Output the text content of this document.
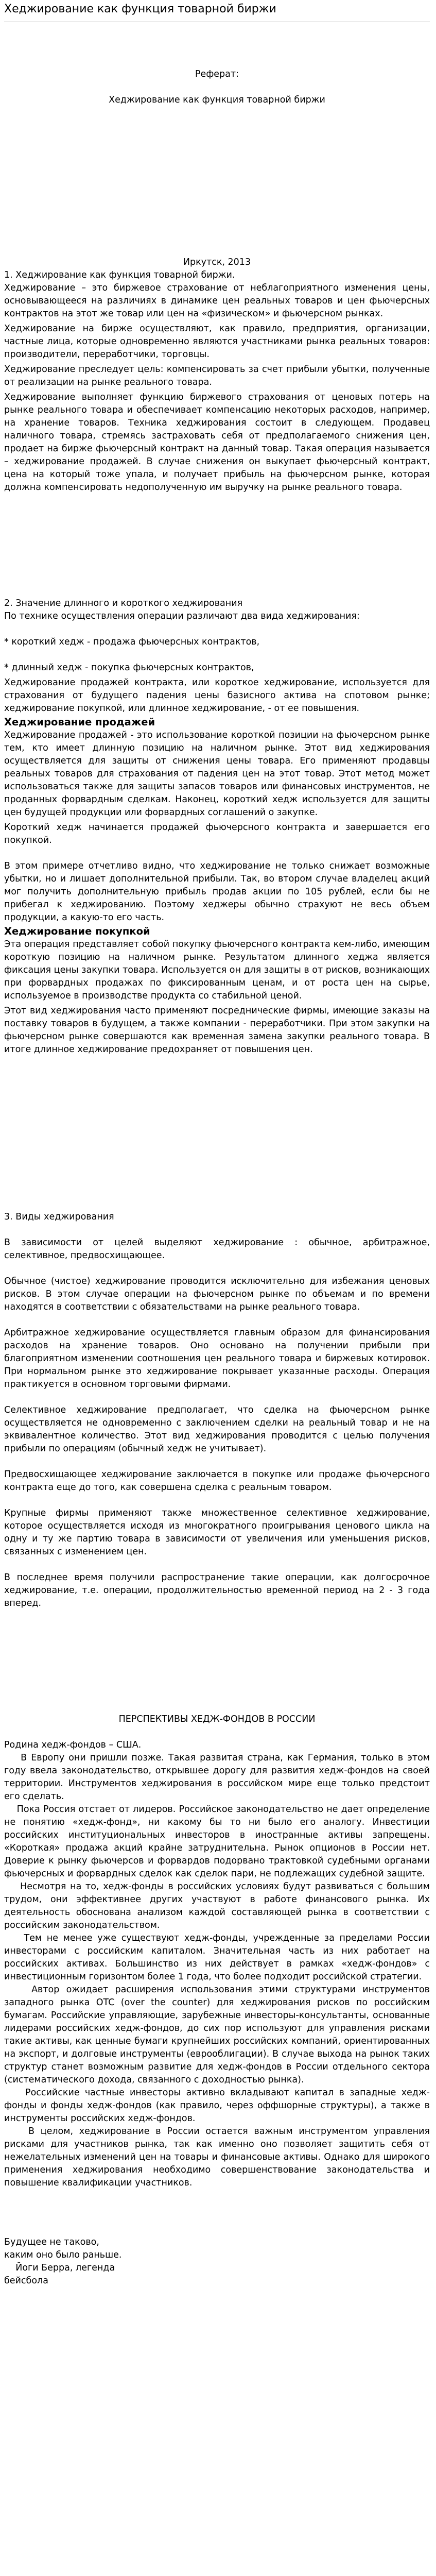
Хеджирование как функция товарной биржи
Реферат:
Хеджирование как функция товарной биржи
Иркутск, 2013
1. Хеджирование как функция товарной биржи.

Хеджирование – это биржевое страхование от неблагоприятного изменения цены, основывающееся на различиях в динамике цен реальных товаров и цен фьючерсных контрактов на этот же товар или цен на «физическом» и фьючерсном рынках.

Хеджирование на бирже осуществляют, как правило, предприятия, организации, частные лица, которые одновременно являются участниками рынка реальных товаров: производители, переработчики, торговцы.

Хеджирование преследует цель: компенсировать за счет прибыли убытки, полученные от реализации на рынке реального товара.

Хеджирование выполняет функцию биржевого страхования от ценовых потерь на рынке реального товара и обеспечивает компенсацию некоторых расходов, например, на хранение товаров. Техника хеджирования состоит в следующем. Продавец наличного товара, стремясь застраховать себя от предполагаемого снижения цен, продает на бирже фьючерсный контракт на данный товар. Такая операция называется – хеджирование продажей. В случае снижения он выкупает фьючерсный контракт, цена на который тоже упала, и получает прибыль на фьючерсном рынке, которая должна компенсировать недополученную им выручку на рынке реального товара.

2. Значение длинного и короткого хеджирования
По технике осуществления операции различают два вида хеджирования:
* короткий хедж - продажа фьючерсных контрактов,
* длинный хедж - покупка фьючерсных контрактов,

Хеджирование продажей контракта, или короткое хеджирование, используется для страхования от будущего падения цены базисного актива на спотовом рынке; хеджирование покупкой, или длинное хеджирование, - от ее повышения.

Хеджирование продажей

Хеджирование продажей - это использование короткой позиции на фьючерсном рынке тем, кто имеет длинную позицию на наличном рынке. Этот вид хеджирования осуществляется для защиты от снижения цены товара. Его применяют продавцы реальных товаров для страхования от падения цен на этот товар. Этот метод может использоваться также для защиты запасов товаров или финансовых инструментов, не проданных форвардным сделкам. Наконец, короткий хедж используется для защиты цен будущей продукции или форвардных соглашений о закупке.

Короткий хедж начинается продажей фьючерсного контракта и завершается его покупкой.

В этом примере отчетливо видно, что хеджирование не только снижает возможные убытки, но и лишает дополнительной прибыли. Так, во втором случае владелец акций мог получить дополнительную прибыль продав акции по 105 рублей, если бы не прибегал к хеджированию. Поэтому хеджеры обычно страхуют не весь объем продукции, а какую-то его часть.

Хеджирование покупкой

Эта операция представляет собой покупку фьючерсного контракта кем-либо, имеющим короткую позицию на наличном рынке. Результатом длинного хеджа является фиксация цены закупки товара. Используется он для защиты в от рисков, возникающих при форвардных продажах по фиксированным ценам, и от роста цен на сырье, используемое в производстве продукта со стабильной ценой.

Этот вид хеджирования часто применяют посреднические фирмы, имеющие заказы на поставку товаров в будущем, а также компании - переработчики. При этом закупки на фьючерсном рынке совершаются как временная замена закупки реального товара. В итоге длинное хеджирование предохраняет от повышения цен.

3. Виды хеджирования

В зависимости от целей выделяют хеджирование : обычное, арбитражное, селективное, предвосхищающее.

Обычное (чистое) хеджирование проводится исключительно для избежания ценовых рисков. В этом случае операции на фьючерсном рынке по объемам и по времени находятся в соответствии с обязательствами на рынке реального товара.

Арбитражное хеджирование осуществляется главным образом для финансирования расходов на хранение товаров. Оно основано на получении прибыли при благоприятном изменении соотношения цен реального товара и биржевых котировок. При нормальном рынке это хеджирование покрывает указанные расходы. Операция практикуется в основном торговыми фирмами.

Селективное хеджирование предполагает, что сделка на фьючерсном рынке осуществляется не одновременно с заключением сделки на реальный товар и не на эквивалентное количество. Этот вид хеджирования проводится с целью получения прибыли по операциям (обычный хедж не учитывает).

Предвосхищающее хеджирование заключается в покупке или продаже фьючерсного контракта еще до того, как совершена сделка с реальным товаром.

Крупные фирмы применяют также множественное селективное хеджирование, которое осуществляется исходя из многократного проигрывания ценового цикла на одну и ту же партию товара в зависимости от увеличения или уменьшения рисков, связанных с изменением цен.

В последнее время получили распространение такие операции, как долгосрочное хеджирование, т.е. операции, продолжительностью временной период на 2 - 3 года вперед.

ПЕРСПЕКТИВЫ ХЕДЖ-ФОНДОВ В РОССИИ

Родина хедж-фондов – США.

В Европу они пришли позже. Такая развитая страна, как Германия, только в этом году ввела законодательство, открывшее дорогу для развития хедж-фондов на своей территории. Инструментов хеджирования в российском мире еще только предстоит его сделать.

Пока Россия отстает от лидеров. Российское законодательство не дает определение не понятию «хедж-фонд», ни какому бы то ни было его аналогу. Инвестиции российских институциональных инвесторов в иностранные активы запрещены. «Короткая» продажа акций крайне затруднительна. Рынок опционов в России нет. Доверие к рынку фьючерсов и форвардов подорвано трактовкой судебными органами фьючерсных и форвардных сделок как сделок пари, не подлежащих судебной защите.

Несмотря на то, хедж-фонды в российских условиях будут развиваться с большим трудом, они эффективнее других участвуют в работе финансового рынка. Их деятельность обоснована анализом каждой составляющей рынка в соответствии с российским законодательством.

Тем не менее уже существуют хедж-фонды, учрежденные за пределами России инвесторами с российским капиталом. Значительная часть из них работает на российских активах. Большинство из них действует в рамках «хедж-фондов» с инвестиционным горизонтом более 1 года, что более подходит российской стратегии.

Автор ожидает расширения использования этими структурами инструментов западного рынка OTC (over the counter) для хеджирования рисков по российским бумагам. Российские управляющие, зарубежные инвесторы-консультанты, основанные лидерами российских хедж-фондов, до сих пор используют для управления рисками такие активы, как ценные бумаги крупнейших российских компаний, ориентированных на экспорт, и долговые инструменты (еврооблигации). В случае выхода на рынок таких структур станет возможным развитие для хедж-фондов в России отдельного сектора (систематического дохода, связанного с доходностью рынка).

Российские частные инвесторы активно вкладывают капитал в западные хедж-фонды и фонды хедж-фондов (как правило, через оффшорные структуры), а также в инструменты российских хедж-фондов.

В целом, хеджирование в России остается важным инструментом управления рисками для участников рынка, так как именно оно позволяет защитить себя от нежелательных изменений цен на товары и финансовые активы. Однако для широкого применения хеджирования необходимо совершенствование законодательства и повышение квалификации участников.

Будущее не таково,
каким оно было раньше.
Йоги Берра, легенда
бейсбола
